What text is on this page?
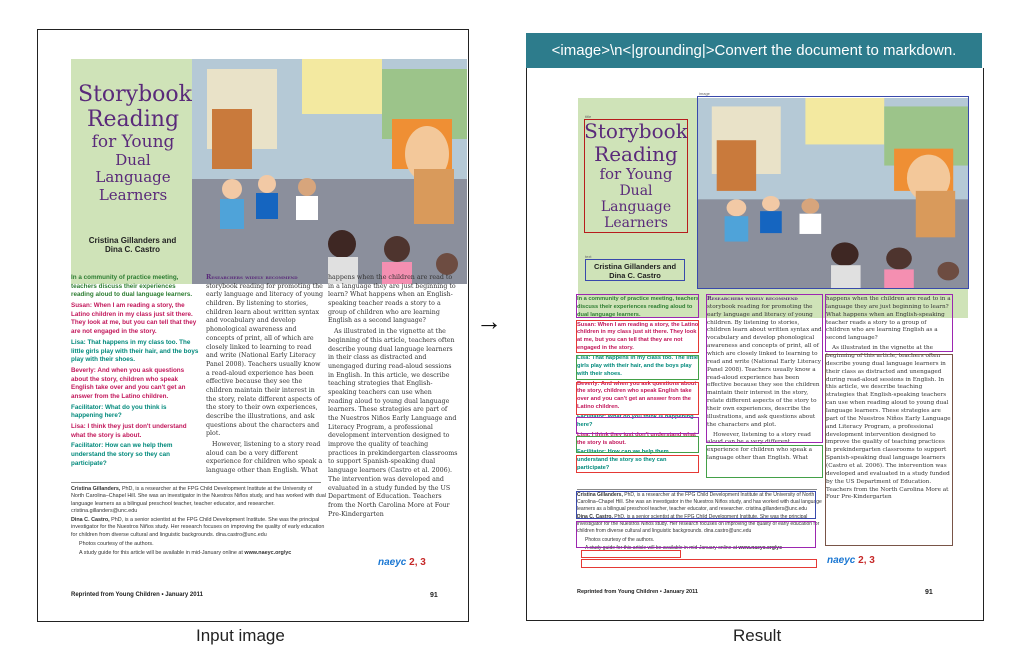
<image>\n<|grounding|>Convert the document to markdown.
Storybook
Reading
for Young
Dual Language
Learners
Cristina Gillanders and
Dina C. Castro

In a community of practice meeting, teachers discuss their experiences reading aloud to dual language learners.

Susan: When I am reading a story, the Latino children in my class just sit there. They look at me, but you can tell that they are not engaged in the story.

Lisa: That happens in my class too. The little girls play with their hair, and the boys play with their shoes.

Beverly: And when you ask questions about the story, children who speak English take over and you can't get an answer from the Latino children.

Facilitator: What do you think is happening here?

Lisa: I think they just don't understand what the story is about.

Facilitator: How can we help them understand the story so they can participate?

Researchers widely recommend storybook reading for promoting the early language and literacy of young children. By listening to stories, children learn about written syntax and vocabulary and develop phonological awareness and concepts of print, all of which are closely linked to learning to read and write (National Early Literacy Panel 2008). Teachers usually know a read-aloud experience has been effective because they see the children maintain their interest in the story, relate different aspects of the story to their own experiences, describe the illustrations, and ask questions about the characters and plot.

However, listening to a story read aloud can be a very different experience for children who speak a language other than English. What

happens when the children are read to in a language they are just beginning to learn? What happens when an English-speaking teacher reads a story to a group of children who are learning English as a second language?

As illustrated in the vignette at the beginning of this article, teachers often describe young dual language learners in their class as distracted and unengaged during read-aloud sessions in English. In this article, we describe teaching strategies that English-speaking teachers can use when reading aloud to young dual language learners. These strategies are part of the Nuestros Niños Early Language and Literacy Program, a professional development intervention designed to improve the quality of teaching practices in prekindergarten classrooms to support Spanish-speaking dual language learners (Castro et al. 2006). The intervention was developed and evaluated in a study funded by the US Department of Education. Teachers from the North Carolina More at Four Pre-Kindergarten

Cristina Gillanders, PhD, is a researcher at the FPG Child Development Institute at the University of North Carolina–Chapel Hill. She was an investigator in the Nuestros Niños study, and has worked with dual language learners as a bilingual preschool teacher, teacher educator, and researcher. cristina.gillanders@unc.edu

Dina C. Castro, PhD, is a senior scientist at the FPG Child Development Institute. She was the principal investigator for the Nuestros Niños study. Her research focuses on improving the quality of early education for children from diverse cultural and linguistic backgrounds. dina.castro@unc.edu

Photos courtesy of the authors.

A study guide for this article will be available in mid-January online at www.naeyc.org/yc

naeyc 2, 3
Reprinted from Young Children • January 2011	91
Input image
→
Storybook
Reading
for Young
Dual Language
Learners
Cristina Gillanders and
Dina C. Castro

In a community of practice meeting, teachers discuss their experiences reading aloud to dual language learners.

Susan: When I am reading a story, the Latino children in my class just sit there. They look at me, but you can tell that they are not engaged in the story.

Lisa: That happens in my class too. The little girls play with their hair, and the boys play with their shoes.

Beverly: And when you ask questions about the story, children who speak English take over and you can't get an answer from the Latino children.

Facilitator: What do you think is happening here?

Lisa: I think they just don't understand what the story is about.

Facilitator: How can we help them understand the story so they can participate?

Researchers widely recommend storybook reading for promoting the early language and literacy of young children. By listening to stories, children learn about written syntax and vocabulary and develop phonological awareness and concepts of print, all of which are closely linked to learning to read and write (National Early Literacy Panel 2008). Teachers usually know a read-aloud experience has been effective because they see the children maintain their interest in the story, relate different aspects of the story to their own experiences, describe the illustrations, and ask questions about the characters and plot.

However, listening to a story read aloud can be a very different experience for children who speak a language other than English. What

happens when the children are read to in a language they are just beginning to learn? What happens when an English-speaking teacher reads a story to a group of children who are learning English as a second language?

As illustrated in the vignette at the beginning of this article, teachers often describe young dual language learners in their class as distracted and unengaged during read-aloud sessions in English. In this article, we describe teaching strategies that English-speaking teachers can use when reading aloud to young dual language learners. These strategies are part of the Nuestros Niños Early Language and Literacy Program, a professional development intervention designed to improve the quality of teaching practices in prekindergarten classrooms to support Spanish-speaking dual language learners (Castro et al. 2006). The intervention was developed and evaluated in a study funded by the US Department of Education. Teachers from the North Carolina More at Four Pre-Kindergarten

Cristina Gillanders, PhD, is a researcher at the FPG Child Development Institute at the University of North Carolina–Chapel Hill. She was an investigator in the Nuestros Niños study, and has worked with dual language learners as a bilingual preschool teacher, teacher educator, and researcher. cristina.gillanders@unc.edu

Dina C. Castro, PhD, is a senior scientist at the FPG Child Development Institute. She was the principal investigator for the Nuestros Niños study. Her research focuses on improving the quality of early education for children from diverse cultural and linguistic backgrounds. dina.castro@unc.edu

Photos courtesy of the authors.

A study guide for this article will be available in mid-January online at www.naeyc.org/yc

naeyc 2, 3
Reprinted from Young Children • January 2011	91
image
title
text
Result
